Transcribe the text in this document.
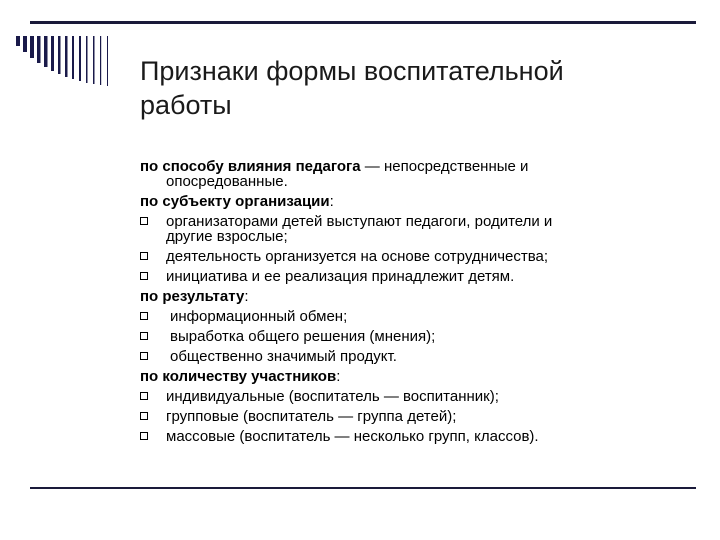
Признаки формы воспитательной
работы
по способу влияния педагога — непосредственные и
опосредованные.
по субъекту организации:
организаторами детей выступают педагоги, родители и
другие взрослые;
деятельность организуется на основе сотрудничества;
инициатива и ее реализация принадлежит детям.
по результату:
информационный обмен;
выработка общего решения (мнения);
общественно значимый продукт.
по количеству участников:
индивидуальные (воспитатель — воспитанник);
групповые (воспитатель — группа детей);
массовые (воспитатель — несколько групп, классов).
